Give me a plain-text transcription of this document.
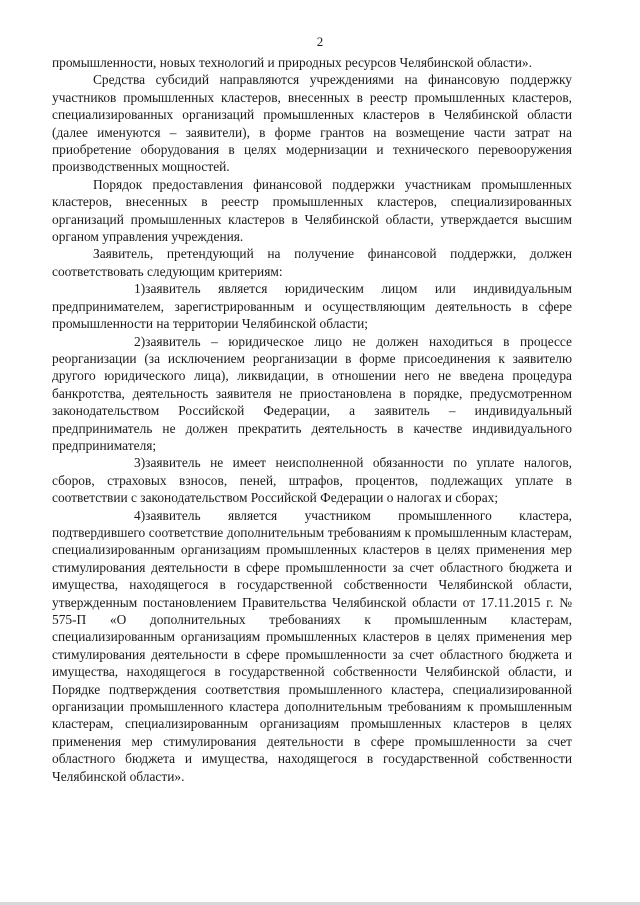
2

промышленности, новых технологий и природных ресурсов Челябинской области».

Средства субсидий направляются учреждениями на финансовую поддержку участников промышленных кластеров, внесенных в реестр промышленных кластеров, специализированных организаций промышленных кластеров в Челябинской области (далее именуются – заявители), в форме грантов на возмещение части затрат на приобретение оборудования в целях модернизации и технического перевооружения производственных мощностей.

Порядок предоставления финансовой поддержки участникам промышленных кластеров, внесенных в реестр промышленных кластеров, специализированных организаций промышленных кластеров в Челябинской области, утверждается высшим органом управления учреждения.

Заявитель, претендующий на получение финансовой поддержки, должен соответствовать следующим критериям:

1)заявитель является юридическим лицом или индивидуальным предпринимателем, зарегистрированным и осуществляющим деятельность в сфере промышленности на территории Челябинской области;

2)заявитель – юридическое лицо не должен находиться в процессе реорганизации (за исключением реорганизации в форме присоединения к заявителю другого юридического лица), ликвидации, в отношении него не введена процедура банкротства, деятельность заявителя не приостановлена в порядке, предусмотренном законодательством Российской Федерации, а заявитель – индивидуальный предприниматель не должен прекратить деятельность в качестве индивидуального предпринимателя;

3)заявитель не имеет неисполненной обязанности по уплате налогов, сборов, страховых взносов, пеней, штрафов, процентов, подлежащих уплате в соответствии с законодательством Российской Федерации о налогах и сборах;

4)заявитель является участником промышленного кластера, подтвердившего соответствие дополнительным требованиям к промышленным кластерам, специализированным организациям промышленных кластеров в целях применения мер стимулирования деятельности в сфере промышленности за счет областного бюджета и имущества, находящегося в государственной собственности Челябинской области, утвержденным постановлением Правительства Челябинской области от 17.11.2015 г. № 575-П «О дополнительных требованиях к промышленным кластерам, специализированным организациям промышленных кластеров в целях применения мер стимулирования деятельности в сфере промышленности за счет областного бюджета и имущества, находящегося в государственной собственности Челябинской области, и Порядке подтверждения соответствия промышленного кластера, специализированной организации промышленного кластера дополнительным требованиям к промышленным кластерам, специализированным организациям промышленных кластеров в целях применения мер стимулирования деятельности в сфере промышленности за счет областного бюджета и имущества, находящегося в государственной собственности Челябинской области».
